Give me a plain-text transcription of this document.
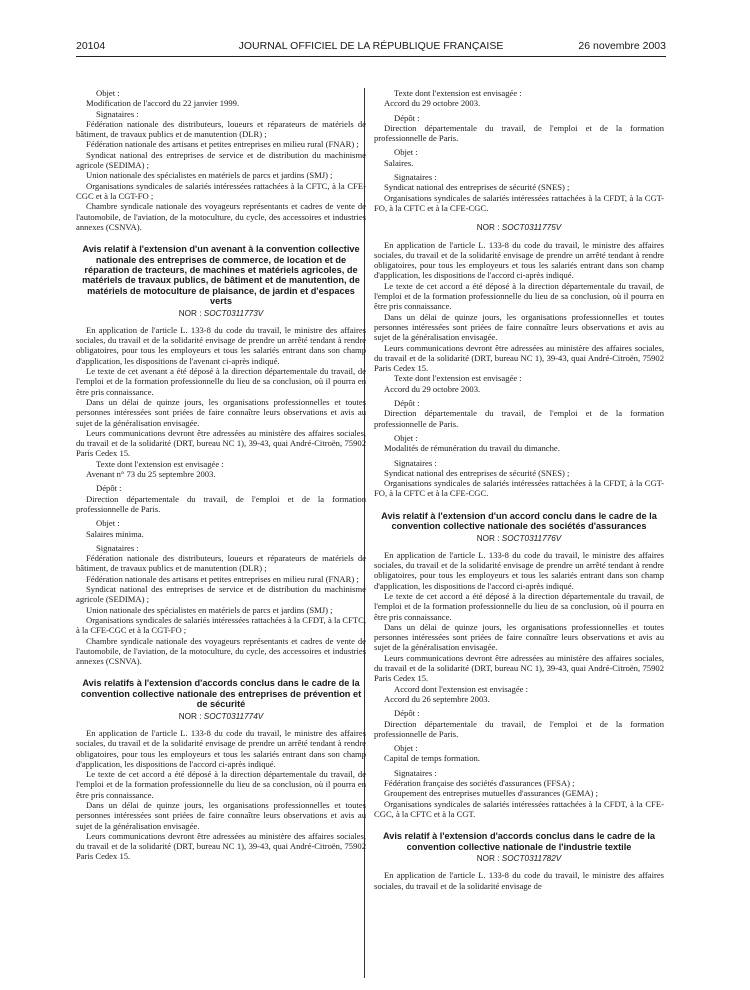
20104	JOURNAL OFFICIEL DE LA RÉPUBLIQUE FRANÇAISE	26 novembre 2003

Objet :

Modification de l'accord du 22 janvier 1999.

Signataires :

Fédération nationale des distributeurs, loueurs et réparateurs de matériels de bâtiment, de travaux publics et de manutention (DLR) ;

Fédération nationale des artisans et petites entreprises en milieu rural (FNAR) ;

Syndicat national des entreprises de service et de distribution du machinisme agricole (SEDIMA) ;

Union nationale des spécialistes en matériels de parcs et jardins (SMJ) ;

Organisations syndicales de salariés intéressées rattachées à la CFTC, à la CFE-CGC et à la CGT-FO ;

Chambre syndicale nationale des voyageurs représentants et cadres de vente de l'automobile, de l'aviation, de la motoculture, du cycle, des accessoires et industries annexes (CSNVA).

Avis relatif à l'extension d'un avenant à la convention collective nationale des entreprises de commerce, de location et de réparation de tracteurs, de machines et matériels agricoles, de matériels de travaux publics, de bâtiment et de manutention, de matériels de motoculture de plaisance, de jardin et d'espaces verts

NOR : SOCT0311773V

En application de l'article L. 133-8 du code du travail, le ministre des affaires sociales, du travail et de la solidarité envisage de prendre un arrêté tendant à rendre obligatoires, pour tous les employeurs et tous les salariés entrant dans son champ d'application, les dispositions de l'avenant ci-après indiqué.

Le texte de cet avenant a été déposé à la direction départementale du travail, de l'emploi et de la formation professionnelle du lieu de sa conclusion, où il pourra en être pris connaissance.

Dans un délai de quinze jours, les organisations professionnelles et toutes personnes intéressées sont priées de faire connaître leurs observations et avis au sujet de la généralisation envisagée.

Leurs communications devront être adressées au ministère des affaires sociales, du travail et de la solidarité (DRT, bureau NC 1), 39-43, quai André-Citroën, 75902 Paris Cedex 15.

Texte dont l'extension est envisagée :

Avenant n° 73 du 25 septembre 2003.

Dépôt :

Direction départementale du travail, de l'emploi et de la formation professionnelle de Paris.

Objet :

Salaires minima.

Signataires :

Fédération nationale des distributeurs, loueurs et réparateurs de matériels de bâtiment, de travaux publics et de manutention (DLR) ;

Fédération nationale des artisans et petites entreprises en milieu rural (FNAR) ;

Syndicat national des entreprises de service et de distribution du machinisme agricole (SEDIMA) ;

Union nationale des spécialistes en matériels de parcs et jardins (SMJ) ;

Organisations syndicales de salariés intéressées rattachées à la CFDT, à la CFTC, à la CFE-CGC et à la CGT-FO ;

Chambre syndicale nationale des voyageurs représentants et cadres de vente de l'automobile, de l'aviation, de la motoculture, du cycle, des accessoires et industries annexes (CSNVA).

Avis relatifs à l'extension d'accords conclus dans le cadre de la convention collective nationale des entreprises de prévention et de sécurité

NOR : SOCT0311774V

En application de l'article L. 133-8 du code du travail, le ministre des affaires sociales, du travail et de la solidarité envisage de prendre un arrêté tendant à rendre obligatoires, pour tous les employeurs et tous les salariés entrant dans son champ d'application, les dispositions de l'accord ci-après indiqué.

Le texte de cet accord a été déposé à la direction départementale du travail, de l'emploi et de la formation professionnelle du lieu de sa conclusion, où il pourra en être pris connaissance.

Dans un délai de quinze jours, les organisations professionnelles et toutes personnes intéressées sont priées de faire connaître leurs observations et avis au sujet de la généralisation envisagée.

Leurs communications devront être adressées au ministère des affaires sociales, du travail et de la solidarité (DRT, bureau NC 1), 39-43, quai André-Citroën, 75902 Paris Cedex 15.

Texte dont l'extension est envisagée :

Accord du 29 octobre 2003.

Dépôt :

Direction départementale du travail, de l'emploi et de la formation professionnelle de Paris.

Objet :

Salaires.

Signataires :

Syndicat national des entreprises de sécurité (SNES) ;

Organisations syndicales de salariés intéressées rattachées à la CFDT, à la CGT-FO, à la CFTC et à la CFE-CGC.

NOR : SOCT0311775V

En application de l'article L. 133-8 du code du travail, le ministre des affaires sociales, du travail et de la solidarité envisage de prendre un arrêté tendant à rendre obligatoires, pour tous les employeurs et tous les salariés entrant dans son champ d'application, les dispositions de l'accord ci-après indiqué.

Le texte de cet accord a été déposé à la direction départementale du travail, de l'emploi et de la formation professionnelle du lieu de sa conclusion, où il pourra en être pris connaissance.

Dans un délai de quinze jours, les organisations professionnelles et toutes personnes intéressées sont priées de faire connaître leurs observations et avis au sujet de la généralisation envisagée.

Leurs communications devront être adressées au ministère des affaires sociales, du travail et de la solidarité (DRT, bureau NC 1), 39-43, quai André-Citroën, 75902 Paris Cedex 15.

Texte dont l'extension est envisagée :

Accord du 29 octobre 2003.

Dépôt :

Direction départementale du travail, de l'emploi et de la formation professionnelle de Paris.

Objet :

Modalités de rémunération du travail du dimanche.

Signataires :

Syndicat national des entreprises de sécurité (SNES) ;

Organisations syndicales de salariés intéressées rattachées à la CFDT, à la CGT-FO, à la CFTC et à la CFE-CGC.

Avis relatif à l'extension d'un accord conclu dans le cadre de la convention collective nationale des sociétés d'assurances

NOR : SOCT0311776V

En application de l'article L. 133-8 du code du travail, le ministre des affaires sociales, du travail et de la solidarité envisage de prendre un arrêté tendant à rendre obligatoires, pour tous les employeurs et tous les salariés entrant dans son champ d'application, les dispositions de l'accord ci-après indiqué.

Le texte de cet accord a été déposé à la direction départementale du travail, de l'emploi et de la formation professionnelle du lieu de sa conclusion, où il pourra en être pris connaissance.

Dans un délai de quinze jours, les organisations professionnelles et toutes personnes intéressées sont priées de faire connaître leurs observations et avis au sujet de la généralisation envisagée.

Leurs communications devront être adressées au ministère des affaires sociales, du travail et de la solidarité (DRT, bureau NC 1), 39-43, quai André-Citroën, 75902 Paris Cedex 15.

Accord dont l'extension est envisagée :

Accord du 26 septembre 2003.

Dépôt :

Direction départementale du travail, de l'emploi et de la formation professionnelle de Paris.

Objet :

Capital de temps formation.

Signataires :

Fédération française des sociétés d'assurances (FFSA) ;

Groupement des entreprises mutuelles d'assurances (GEMA) ;

Organisations syndicales de salariés intéressées rattachées à la CFDT, à la CFE-CGC, à la CFTC et à la CGT.

Avis relatif à l'extension d'accords conclus dans le cadre de la convention collective nationale de l'industrie textile

NOR : SOCT0311782V

En application de l'article L. 133-8 du code du travail, le ministre des affaires sociales, du travail et de la solidarité envisage de
